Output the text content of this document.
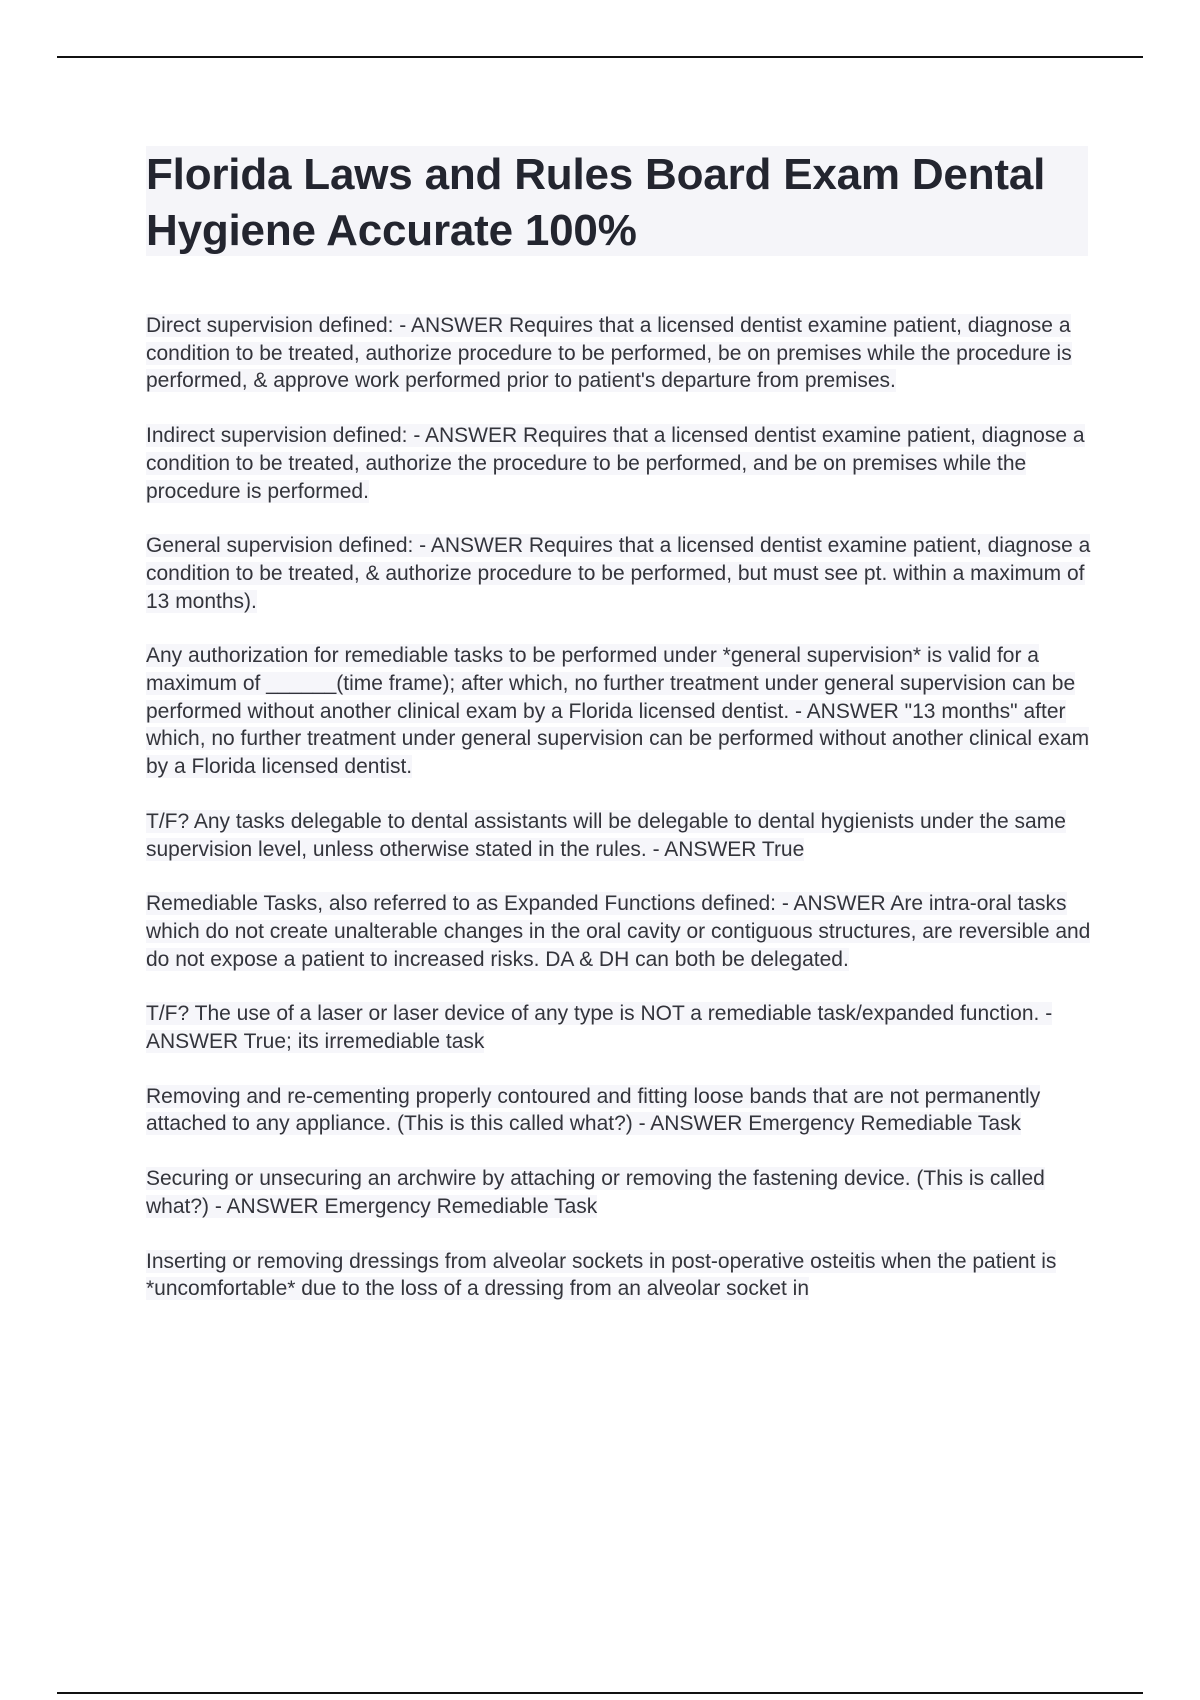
Florida Laws and Rules Board Exam Dental Hygiene Accurate 100%

Direct supervision defined: - ANSWER Requires that a licensed dentist examine patient, diagnose a condition to be treated, authorize procedure to be performed, be on premises while the procedure is performed, & approve work performed prior to patient's departure from premises.

Indirect supervision defined: - ANSWER Requires that a licensed dentist examine patient, diagnose a condition to be treated, authorize the procedure to be performed, and be on premises while the procedure is performed.

General supervision defined: - ANSWER Requires that a licensed dentist examine patient, diagnose a condition to be treated, & authorize procedure to be performed, but must see pt. within a maximum of 13 months).

Any authorization for remediable tasks to be performed under *general supervision* is valid for a maximum of ______(time frame); after which, no further treatment under general supervision can be performed without another clinical exam by a Florida licensed dentist. - ANSWER "13 months" after which, no further treatment under general supervision can be performed without another clinical exam by a Florida licensed dentist.

T/F? Any tasks delegable to dental assistants will be delegable to dental hygienists under the same supervision level, unless otherwise stated in the rules. - ANSWER True

Remediable Tasks, also referred to as Expanded Functions defined: - ANSWER Are intra-oral tasks which do not create unalterable changes in the oral cavity or contiguous structures, are reversible and do not expose a patient to increased risks. DA & DH can both be delegated.

T/F? The use of a laser or laser device of any type is NOT a remediable task/expanded function. - ANSWER True; its irremediable task

Removing and re-cementing properly contoured and fitting loose bands that are not permanently attached to any appliance. (This is this called what?) - ANSWER Emergency Remediable Task

Securing or unsecuring an archwire by attaching or removing the fastening device. (This is called what?) - ANSWER Emergency Remediable Task

Inserting or removing dressings from alveolar sockets in post-operative osteitis when the patient is *uncomfortable* due to the loss of a dressing from an alveolar socket in
